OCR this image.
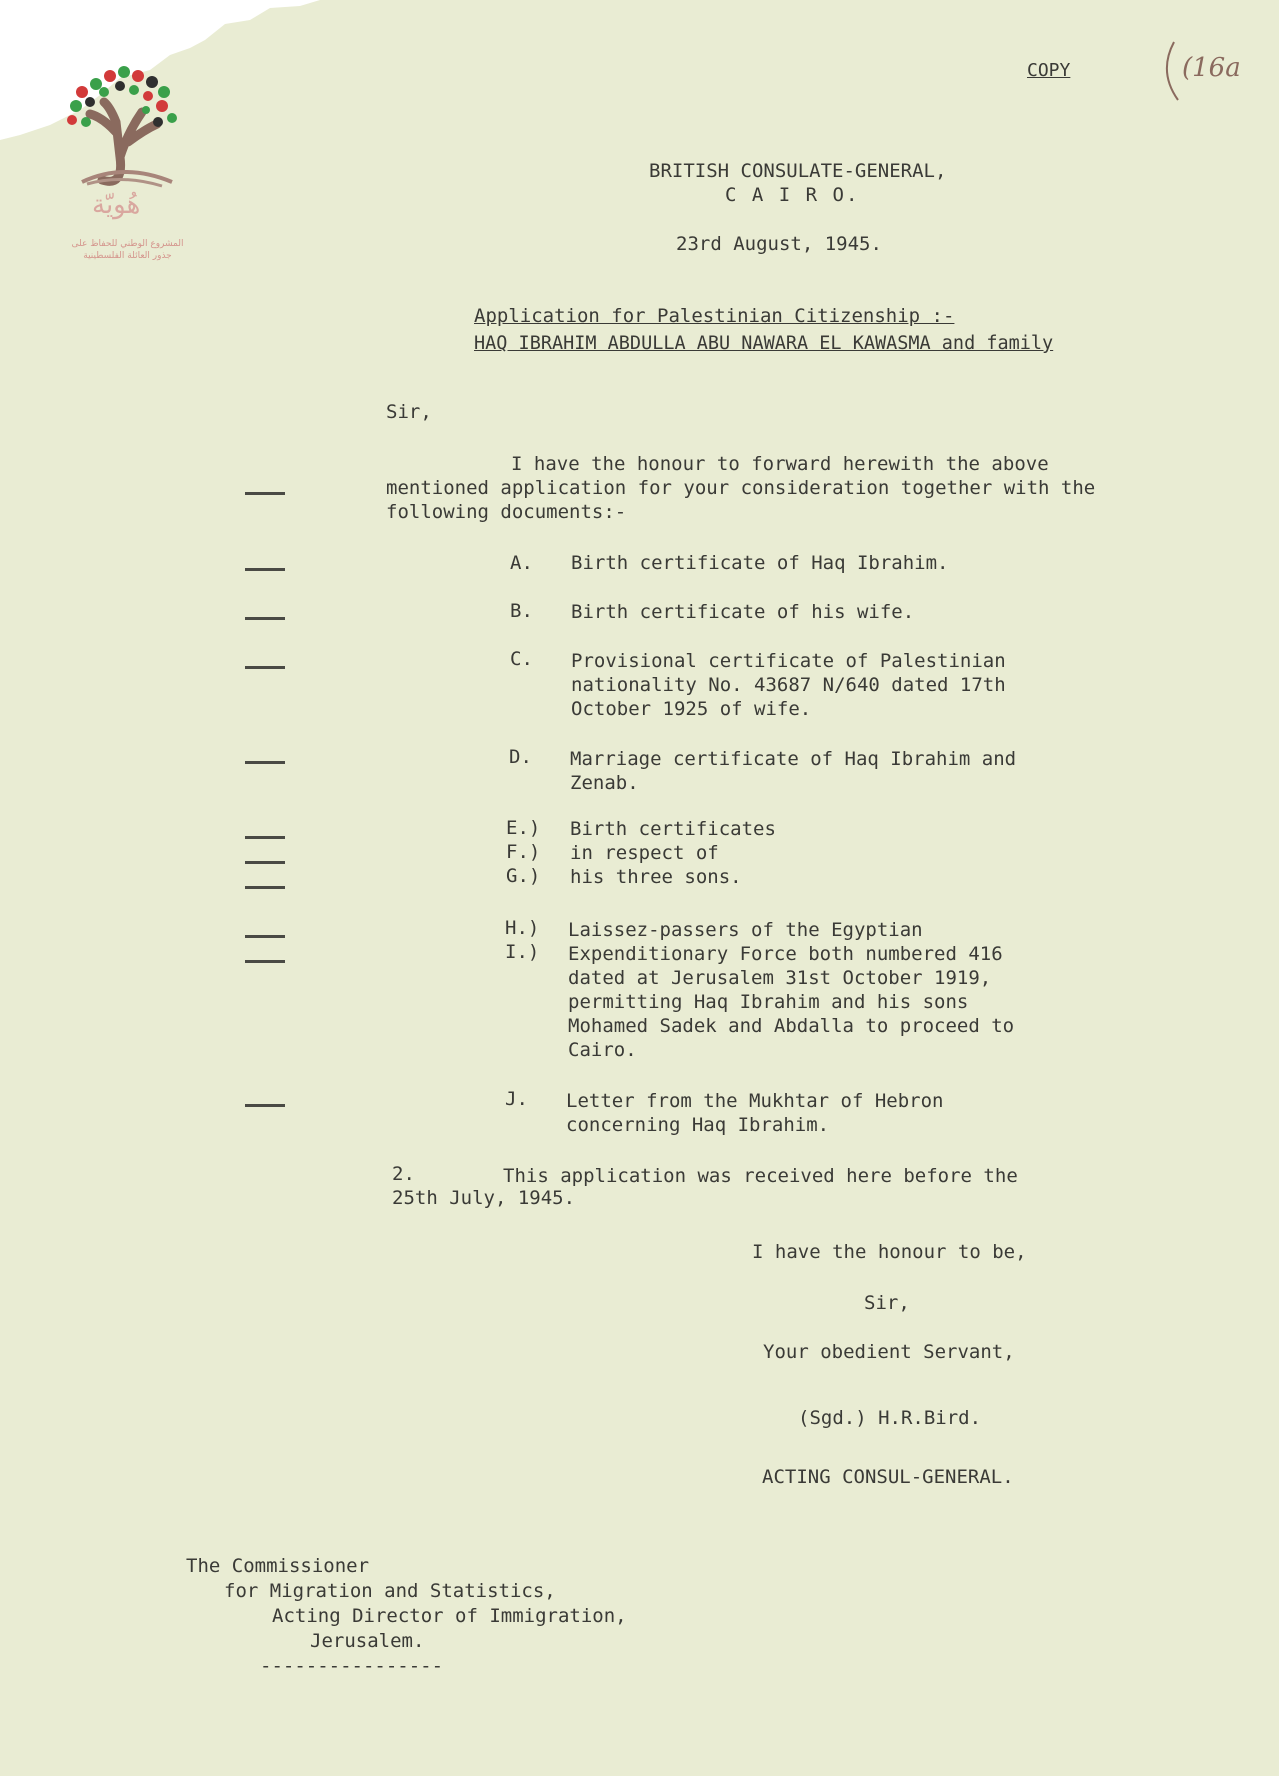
هُويّة
المشروع الوطني للحفاظ على
جذور العائلة الفلسطينية
COPY	(16a
BRITISH CONSULATE-GENERAL,
C A I R O.
23rd August, 1945.
Application for Palestinian Citizenship :-
HAQ IBRAHIM ABDULLA ABU NAWARA EL KAWASMA and family
Sir,
I have the honour to forward herewith the above
mentioned application for your consideration together with the
following documents:-
A. Birth certificate of Haq Ibrahim.
B. Birth certificate of his wife.
C. Provisional certificate of Palestinian
nationality No. 43687 N/640 dated 17th
October 1925 of wife.
D. Marriage certificate of Haq Ibrahim and
Zenab.
E.)
F.)
G.)
Birth certificates
in respect of
his three sons.
H.)
I.)
Laissez-passers of the Egyptian
Expenditionary Force both numbered 416
dated at Jerusalem 31st October 1919,
permitting Haq Ibrahim and his sons
Mohamed Sadek and Abdalla to proceed to
Cairo.
J. Letter from the Mukhtar of Hebron
concerning Haq Ibrahim.
2.	This application was received here before the
25th July, 1945.
I have the honour to be,
Sir,
Your obedient Servant,
(Sgd.) H.R.Bird.
ACTING CONSUL-GENERAL.
The Commissioner
for Migration and Statistics,
Acting Director of Immigration,
Jerusalem.
----------------
